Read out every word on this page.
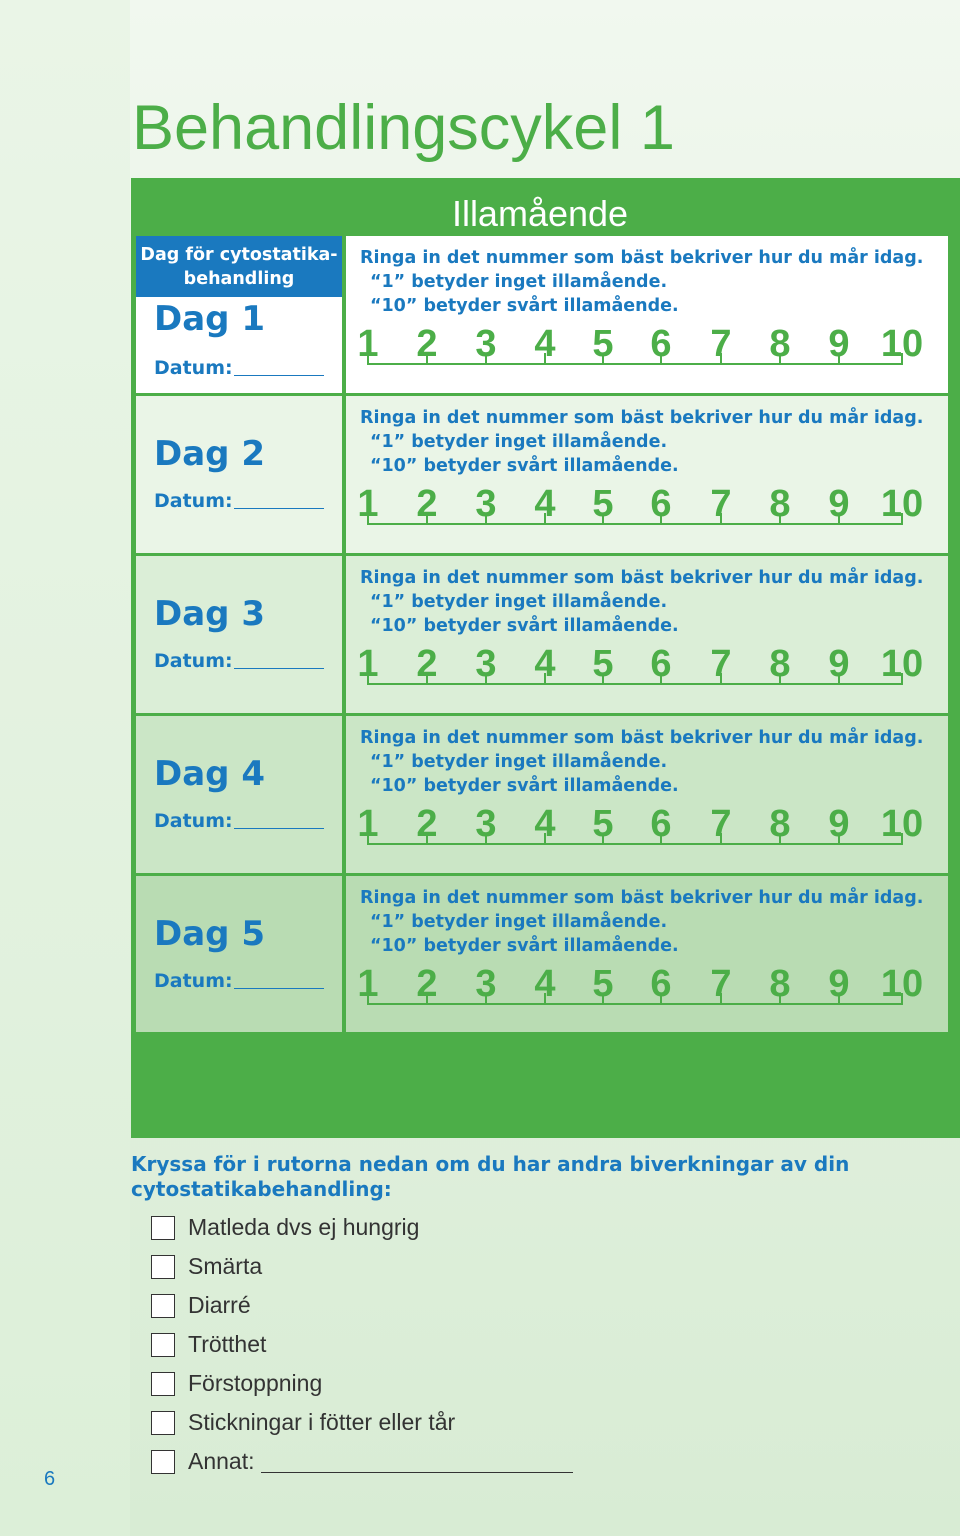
Behandlingscykel 1
Illamående
Dag för cytostatika-
behandling
Dag 1
Datum:
Ringa in det nummer som bäst bekriver hur du mår idag.
“1” betyder inget illamående.
“10” betyder svårt illamående.
1 2 3 4 5 6 7 8 9 10
Dag 2
Datum:
Ringa in det nummer som bäst bekriver hur du mår idag.
“1” betyder inget illamående.
“10” betyder svårt illamående.
1 2 3 4 5 6 7 8 9 10
Dag 3
Datum:
Ringa in det nummer som bäst bekriver hur du mår idag.
“1” betyder inget illamående.
“10” betyder svårt illamående.
1 2 3 4 5 6 7 8 9 10
Dag 4
Datum:
Ringa in det nummer som bäst bekriver hur du mår idag.
“1” betyder inget illamående.
“10” betyder svårt illamående.
1 2 3 4 5 6 7 8 9 10
Dag 5
Datum:
Ringa in det nummer som bäst bekriver hur du mår idag.
“1” betyder inget illamående.
“10” betyder svårt illamående.
1 2 3 4 5 6 7 8 9 10
Kryssa för i rutorna nedan om du har andra biverkningar av din cytostatikabehandling:
Matleda dvs ej hungrig
Smärta
Diarré
Trötthet
Förstoppning
Stickningar i fötter eller tår
Annat:
6
